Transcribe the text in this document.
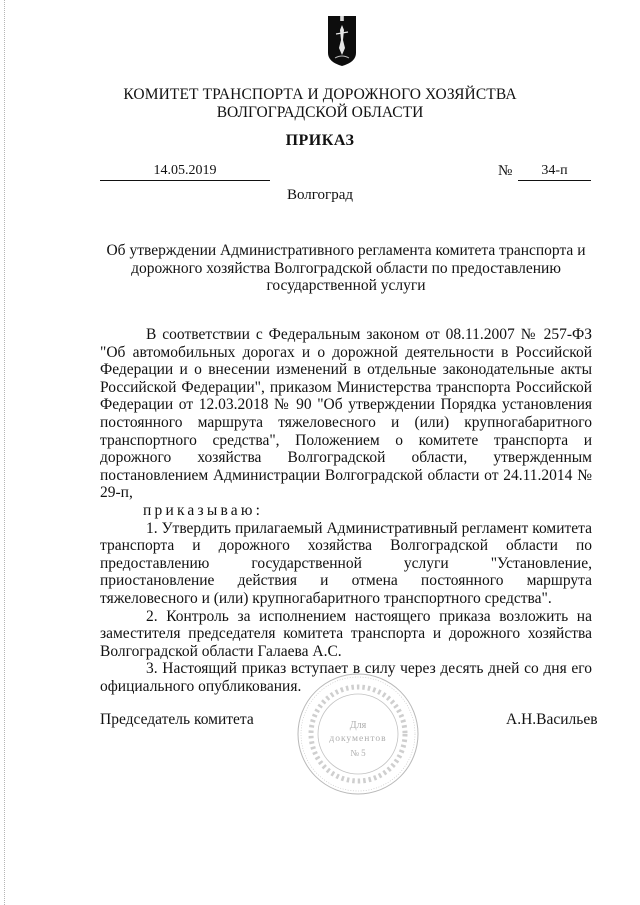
КОМИТЕТ ТРАНСПОРТА И ДОРОЖНОГО ХОЗЯЙСТВА
ВОЛГОГРАДСКОЙ ОБЛАСТИ
ПРИКАЗ
14.05.2019	№	34-п
Волгоград
Об утверждении Административного регламента комитета транспорта и дорожного хозяйства Волгоградской области по предоставлению государственной услуги

В соответствии с Федеральным законом от 08.11.2007 № 257-ФЗ "Об автомобильных дорогах и о дорожной деятельности в Российской Федерации и о внесении изменений в отдельные законодательные акты Российской Федерации", приказом Министерства транспорта Российской Федерации от 12.03.2018 № 90 "Об утверждении Порядка установления постоянного маршрута тяжеловесного и (или) крупногабаритного транспортного средства", Положением о комитете транспорта и дорожного хозяйства Волгоградской области, утвержденным постановлением Администрации Волгоградской области от 24.11.2014 № 29-п,

приказываю:

1. Утвердить прилагаемый Административный регламент комитета транспорта и дорожного хозяйства Волгоградской области по предоставлению государственной услуги "Установление, приостановление действия и отмена постоянного маршрута тяжеловесного и (или) крупногабаритного транспортного средства".

2. Контроль за исполнением настоящего приказа возложить на заместителя председателя комитета транспорта и дорожного хозяйства Волгоградской области Галаева А.С.

3. Настоящий приказ вступает в силу через десять дней со дня его официального опубликования.

Председатель комитета	А.Н.Васильев
Для
документов
№ 5
